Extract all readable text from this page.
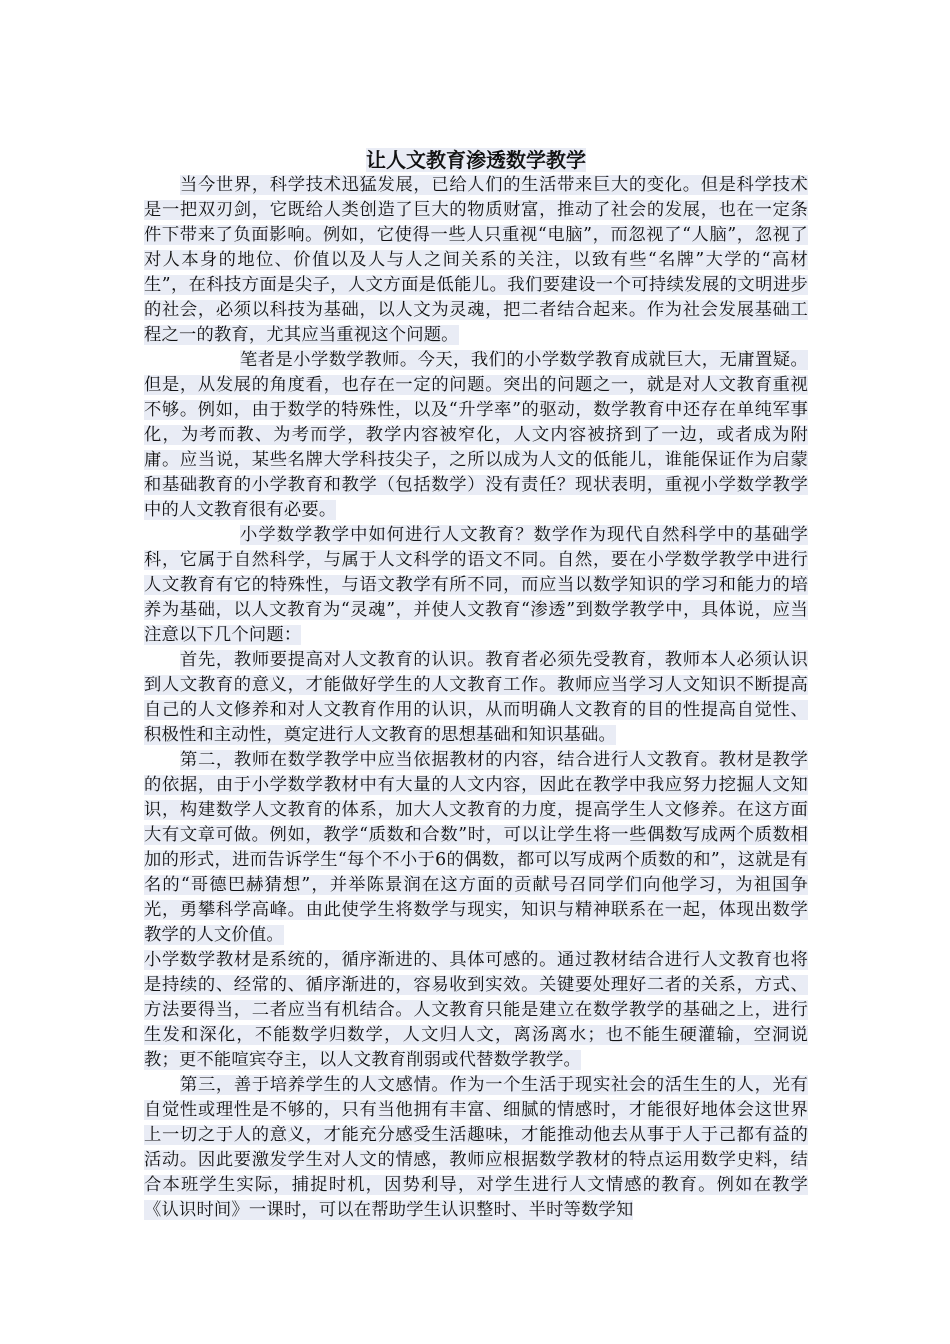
让人文教育渗透数学教学

当今世界，科学技术迅猛发展，已给人们的生活带来巨大的变化。但是科学技术是一把双刃剑，它既给人类创造了巨大的物质财富，推动了社会的发展，也在一定条件下带来了负面影响。例如，它使得一些人只重视“电脑”，而忽视了“人脑”，忽视了对人本身的地位、价值以及人与人之间关系的关注，以致有些“名牌”大学的“高材生”，在科技方面是尖子，人文方面是低能儿。我们要建设一个可持续发展的文明进步的社会，必须以科技为基础，以人文为灵魂，把二者结合起来。作为社会发展基础工程之一的教育，尤其应当重视这个问题。

笔者是小学数学教师。今天，我们的小学数学教育成就巨大，无庸置疑。但是，从发展的角度看，也存在一定的问题。突出的问题之一，就是对人文教育重视不够。例如，由于数学的特殊性，以及“升学率”的驱动，数学教育中还存在单纯军事化，为考而教、为考而学，教学内容被窄化，人文内容被挤到了一边，或者成为附庸。应当说，某些名牌大学科技尖子，之所以成为人文的低能儿，谁能保证作为启蒙和基础教育的小学教育和教学（包括数学）没有责任？现状表明，重视小学数学教学中的人文教育很有必要。

小学数学教学中如何进行人文教育？数学作为现代自然科学中的基础学科，它属于自然科学，与属于人文科学的语文不同。自然，要在小学数学教学中进行人文教育有它的特殊性，与语文教学有所不同，而应当以数学知识的学习和能力的培养为基础，以人文教育为“灵魂”，并使人文教育“渗透”到数学教学中，具体说，应当注意以下几个问题：

首先，教师要提高对人文教育的认识。教育者必须先受教育，教师本人必须认识到人文教育的意义，才能做好学生的人文教育工作。教师应当学习人文知识不断提高自己的人文修养和对人文教育作用的认识，从而明确人文教育的目的性提高自觉性、积极性和主动性，奠定进行人文教育的思想基础和知识基础。

第二，教师在数学教学中应当依据教材的内容，结合进行人文教育。教材是教学的依据，由于小学数学教材中有大量的人文内容，因此在教学中我应努力挖掘人文知识，构建数学人文教育的体系，加大人文教育的力度，提高学生人文修养。在这方面大有文章可做。例如，教学“质数和合数”时，可以让学生将一些偶数写成两个质数相加的形式，进而告诉学生“每个不小于6的偶数，都可以写成两个质数的和”，这就是有名的“哥德巴赫猜想”，并举陈景润在这方面的贡献号召同学们向他学习，为祖国争光，勇攀科学高峰。由此使学生将数学与现实，知识与精神联系在一起，体现出数学教学的人文价值。

小学数学教材是系统的，循序渐进的、具体可感的。通过教材结合进行人文教育也将是持续的、经常的、循序渐进的，容易收到实效。关键要处理好二者的关系，方式、方法要得当，二者应当有机结合。人文教育只能是建立在数学教学的基础之上，进行生发和深化，不能数学归数学，人文归人文，离汤离水；也不能生硬灌输，空洞说教；更不能喧宾夺主，以人文教育削弱或代替数学教学。

第三，善于培养学生的人文感情。作为一个生活于现实社会的活生生的人，光有自觉性或理性是不够的，只有当他拥有丰富、细腻的情感时，才能很好地体会这世界上一切之于人的意义，才能充分感受生活趣味，才能推动他去从事于人于己都有益的活动。因此要激发学生对人文的情感，教师应根据数学教材的特点运用数学史料，结合本班学生实际，捕捉时机，因势利导，对学生进行人文情感的教育。例如在教学《认识时间》一课时，可以在帮助学生认识整时、半时等数学知
